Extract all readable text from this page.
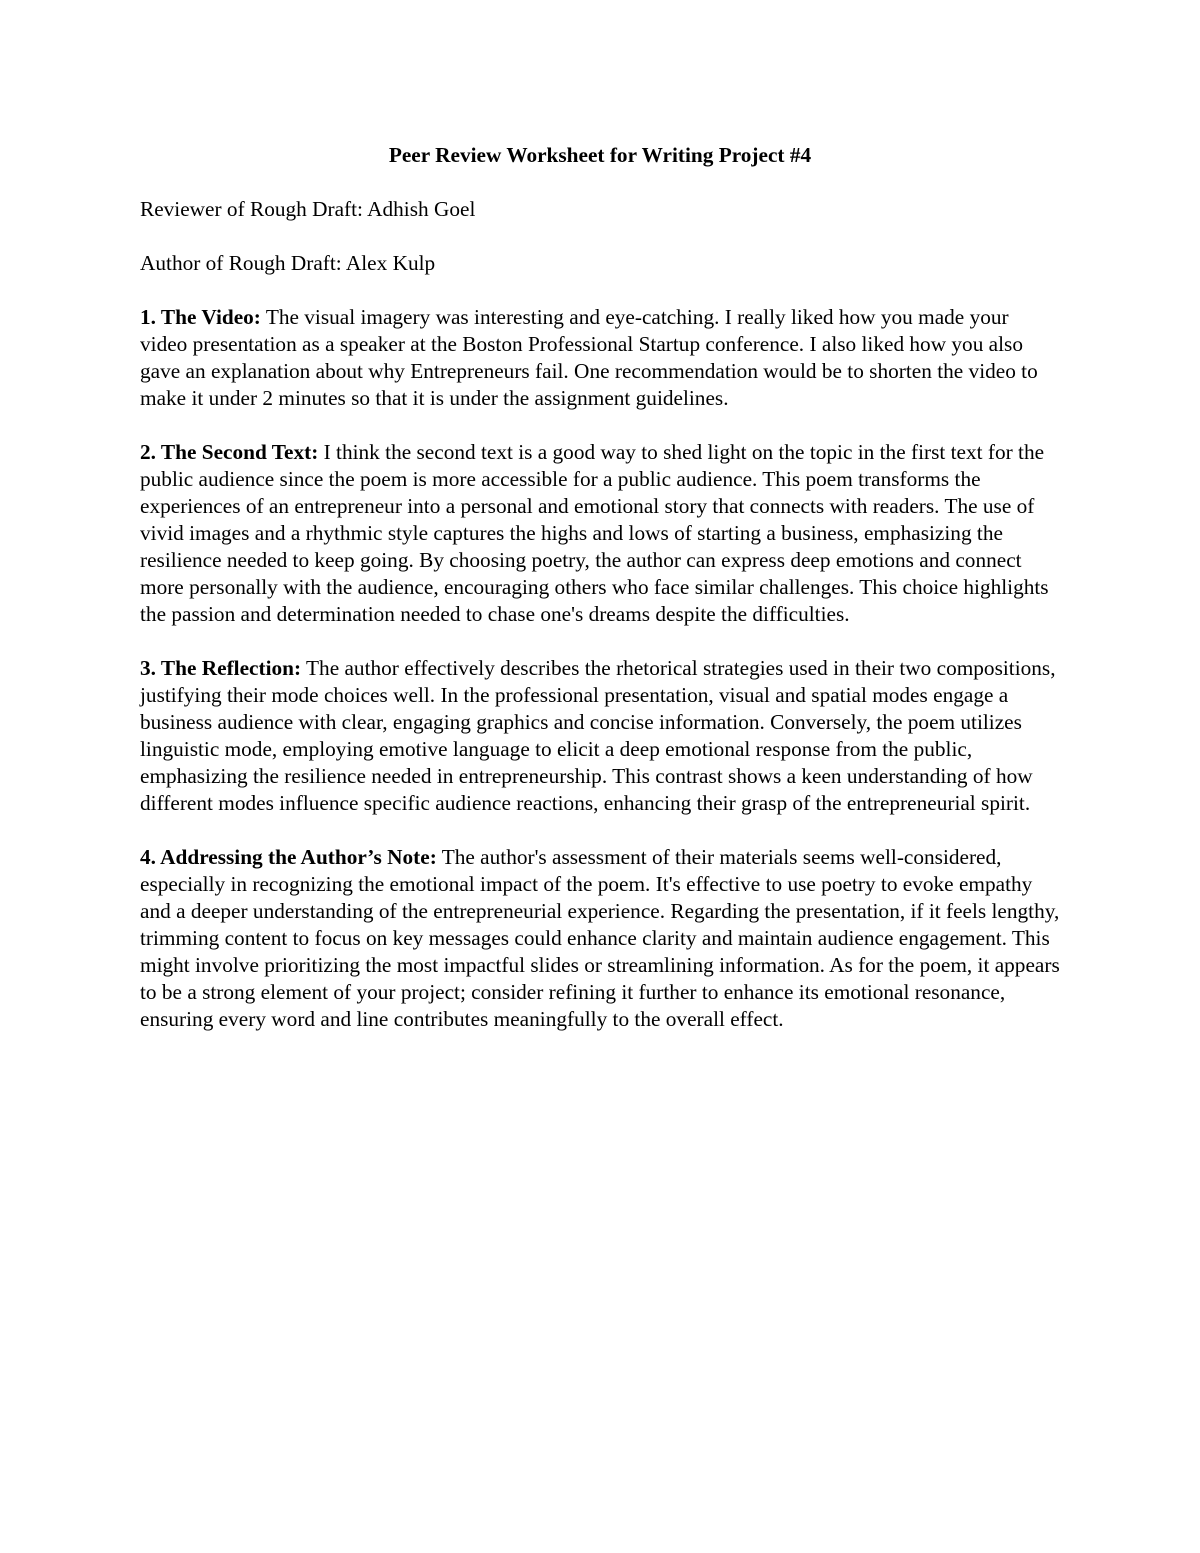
Peer Review Worksheet for Writing Project #4

Reviewer of Rough Draft: Adhish Goel

Author of Rough Draft: Alex Kulp

1. The Video: The visual imagery was interesting and eye-catching. I really liked how you made your video presentation as a speaker at the Boston Professional Startup conference. I also liked how you also gave an explanation about why Entrepreneurs fail. One recommendation would be to shorten the video to make it under 2 minutes so that it is under the assignment guidelines.

2. The Second Text: I think the second text is a good way to shed light on the topic in the first text for the public audience since the poem is more accessible for a public audience. This poem transforms the experiences of an entrepreneur into a personal and emotional story that connects with readers. The use of vivid images and a rhythmic style captures the highs and lows of starting a business, emphasizing the resilience needed to keep going. By choosing poetry, the author can express deep emotions and connect more personally with the audience, encouraging others who face similar challenges. This choice highlights the passion and determination needed to chase one's dreams despite the difficulties.

3. The Reflection: The author effectively describes the rhetorical strategies used in their two compositions, justifying their mode choices well. In the professional presentation, visual and spatial modes engage a business audience with clear, engaging graphics and concise information. Conversely, the poem utilizes linguistic mode, employing emotive language to elicit a deep emotional response from the public, emphasizing the resilience needed in entrepreneurship. This contrast shows a keen understanding of how different modes influence specific audience reactions, enhancing their grasp of the entrepreneurial spirit.

4. Addressing the Author’s Note: The author's assessment of their materials seems well-considered, especially in recognizing the emotional impact of the poem. It's effective to use poetry to evoke empathy and a deeper understanding of the entrepreneurial experience. Regarding the presentation, if it feels lengthy, trimming content to focus on key messages could enhance clarity and maintain audience engagement. This might involve prioritizing the most impactful slides or streamlining information. As for the poem, it appears to be a strong element of your project; consider refining it further to enhance its emotional resonance, ensuring every word and line contributes meaningfully to the overall effect.
